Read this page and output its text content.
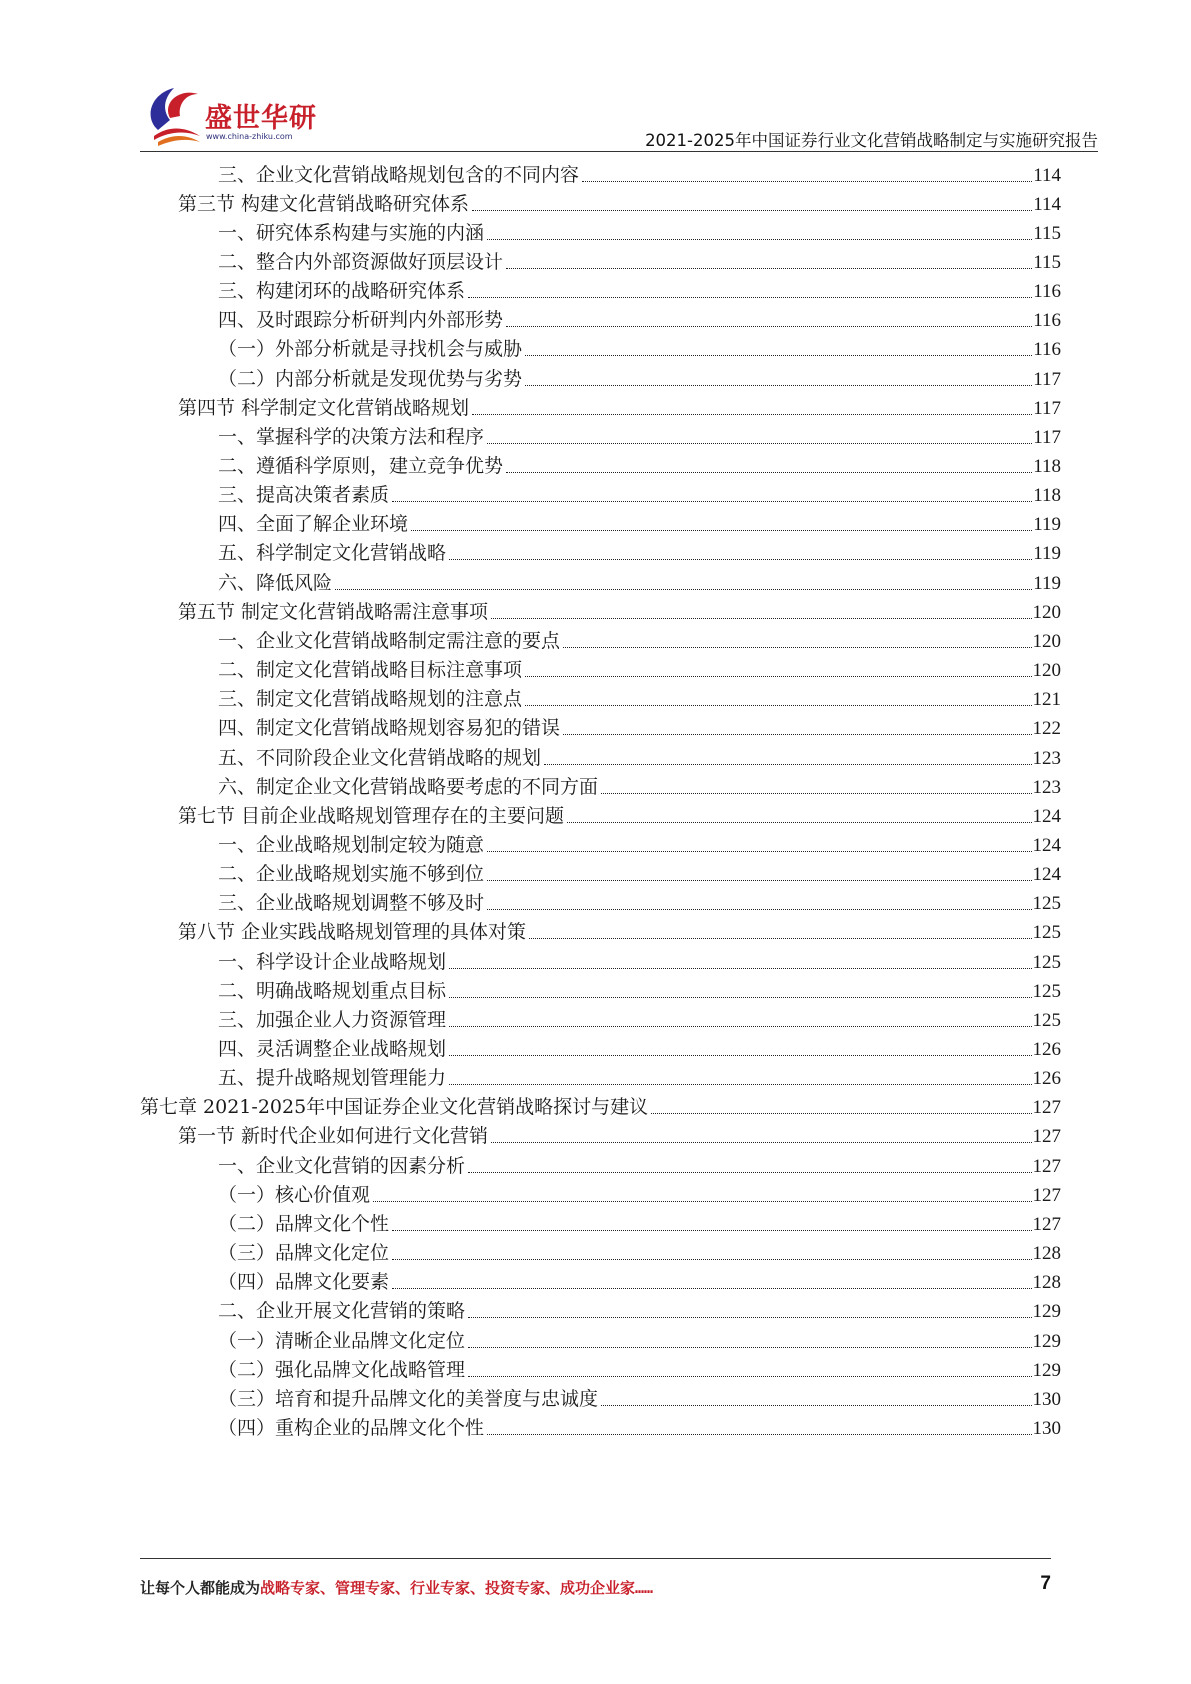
盛世华研
www.china-zhiku.com	2021-2025年中国证券行业文化营销战略制定与实施研究报告
三、企业文化营销战略规划包含的不同内容	114
第三节 构建文化营销战略研究体系	114
一、研究体系构建与实施的内涵	115
二、整合内外部资源做好顶层设计	115
三、构建闭环的战略研究体系	116
四、及时跟踪分析研判内外部形势	116
（一）外部分析就是寻找机会与威胁	116
（二）内部分析就是发现优势与劣势	117
第四节 科学制定文化营销战略规划	117
一、掌握科学的决策方法和程序	117
二、遵循科学原则，建立竞争优势	118
三、提高决策者素质	118
四、全面了解企业环境	119
五、科学制定文化营销战略	119
六、降低风险	119
第五节 制定文化营销战略需注意事项	120
一、企业文化营销战略制定需注意的要点	120
二、制定文化营销战略目标注意事项	120
三、制定文化营销战略规划的注意点	121
四、制定文化营销战略规划容易犯的错误	122
五、不同阶段企业文化营销战略的规划	123
六、制定企业文化营销战略要考虑的不同方面	123
第七节 目前企业战略规划管理存在的主要问题	124
一、企业战略规划制定较为随意	124
二、企业战略规划实施不够到位	124
三、企业战略规划调整不够及时	125
第八节 企业实践战略规划管理的具体对策	125
一、科学设计企业战略规划	125
二、明确战略规划重点目标	125
三、加强企业人力资源管理	125
四、灵活调整企业战略规划	126
五、提升战略规划管理能力	126
第七章 2021-2025年中国证券企业文化营销战略探讨与建议	127
第一节 新时代企业如何进行文化营销	127
一、企业文化营销的因素分析	127
（一）核心价值观	127
（二）品牌文化个性	127
（三）品牌文化定位	128
（四）品牌文化要素	128
二、企业开展文化营销的策略	129
（一）清晰企业品牌文化定位	129
（二）强化品牌文化战略管理	129
（三）培育和提升品牌文化的美誉度与忠诚度	130
（四）重构企业的品牌文化个性	130
让每个人都能成为战略专家、管理专家、行业专家、投资专家、成功企业家……	7
